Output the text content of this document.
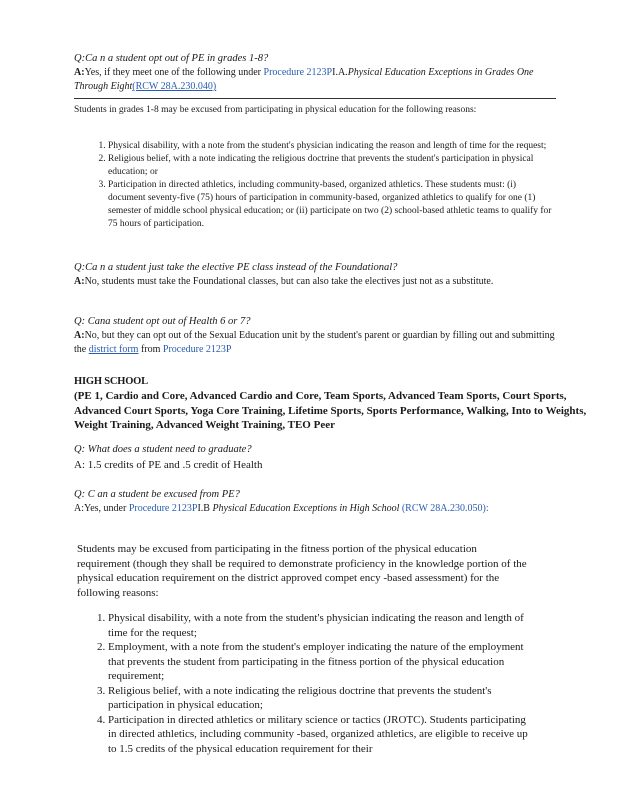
Q:Ca n a student opt out of PE in grades 1-8?
A:Yes, if they meet one of the following under Procedure 2123PI.A.Physical Education Exceptions in Grades One Through Eight(RCW 28A.230.040)
Students in grades 1-8 may be excused from participating in physical education for the following reasons:
1. Physical disability, with a note from the student's physician indicating the reason and length of time for the request;
2. Religious belief, with a note indicating the religious doctrine that prevents the student's participation in physical education; or
3. Participation in directed athletics, including community-based, organized athletics. These students must: (i) document seventy-five (75) hours of participation in community-based, organized athletics to qualify for one (1) semester of middle school physical education; or (ii) participate on two (2) school-based athletic teams to qualify for 75 hours of participation.
Q:Ca n a student just take the elective PE class instead of the Foundational?
A:No, students must take the Foundational classes, but can also take the electives just not as a substitute.
Q: Cana student opt out of Health 6 or 7?
A:No, but they can opt out of the Sexual Education unit by the student's parent or guardian by filling out and submitting the district form from Procedure 2123P
HIGH SCHOOL
(PE 1, Cardio and Core, Advanced Cardio and Core, Team Sports, Advanced Team Sports, Court Sports, Advanced Court Sports, Yoga Core Training, Lifetime Sports, Sports Performance, Walking, Into to Weights, Weight Training, Advanced Weight Training, TEO Peer
Q: What does a student need to graduate?
A: 1.5 credits of PE and .5 credit of Health
Q: C an a student be excused from PE?
A:Yes, under Procedure 2123PI.B Physical Education Exceptions in High School (RCW 28A.230.050):
Students may be excused from participating in the fitness portion of the physical education requirement (though they shall be required to demonstrate proficiency in the knowledge portion of the physical education requirement on the district approved compet ency -based assessment) for the following reasons:
1. Physical disability, with a note from the student's physician indicating the reason and length of time for the request;
2. Employment, with a note from the student's employer indicating the nature of the employment that prevents the student from participating in the fitness portion of the physical education requirement;
3. Religious belief, with a note indicating the religious doctrine that prevents the student's participation in physical education;
4. Participation in directed athletics or military science or tactics (JROTC). Students participating in directed athletics, including community -based, organized athletics, are eligible to receive up to 1.5 credits of the physical education requirement for their
